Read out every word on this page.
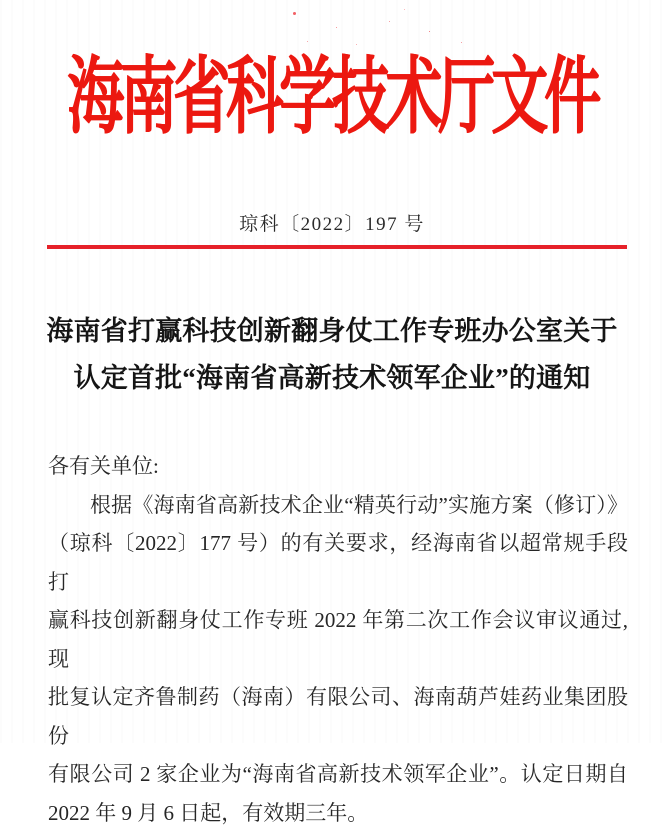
海南省科学技术厅文件
琼科〔2022〕197 号
海南省打赢科技创新翻身仗工作专班办公室关于
认定首批“海南省高新技术领军企业”的通知
各有关单位:
根据《海南省高新技术企业“精英行动”实施方案（修订）》
（琼科〔2022〕177 号）的有关要求，经海南省以超常规手段打
赢科技创新翻身仗工作专班 2022 年第二次工作会议审议通过,现
批复认定齐鲁制药（海南）有限公司、海南葫芦娃药业集团股份
有限公司 2 家企业为“海南省高新技术领军企业”。认定日期自
2022 年 9 月 6 日起，有效期三年。
